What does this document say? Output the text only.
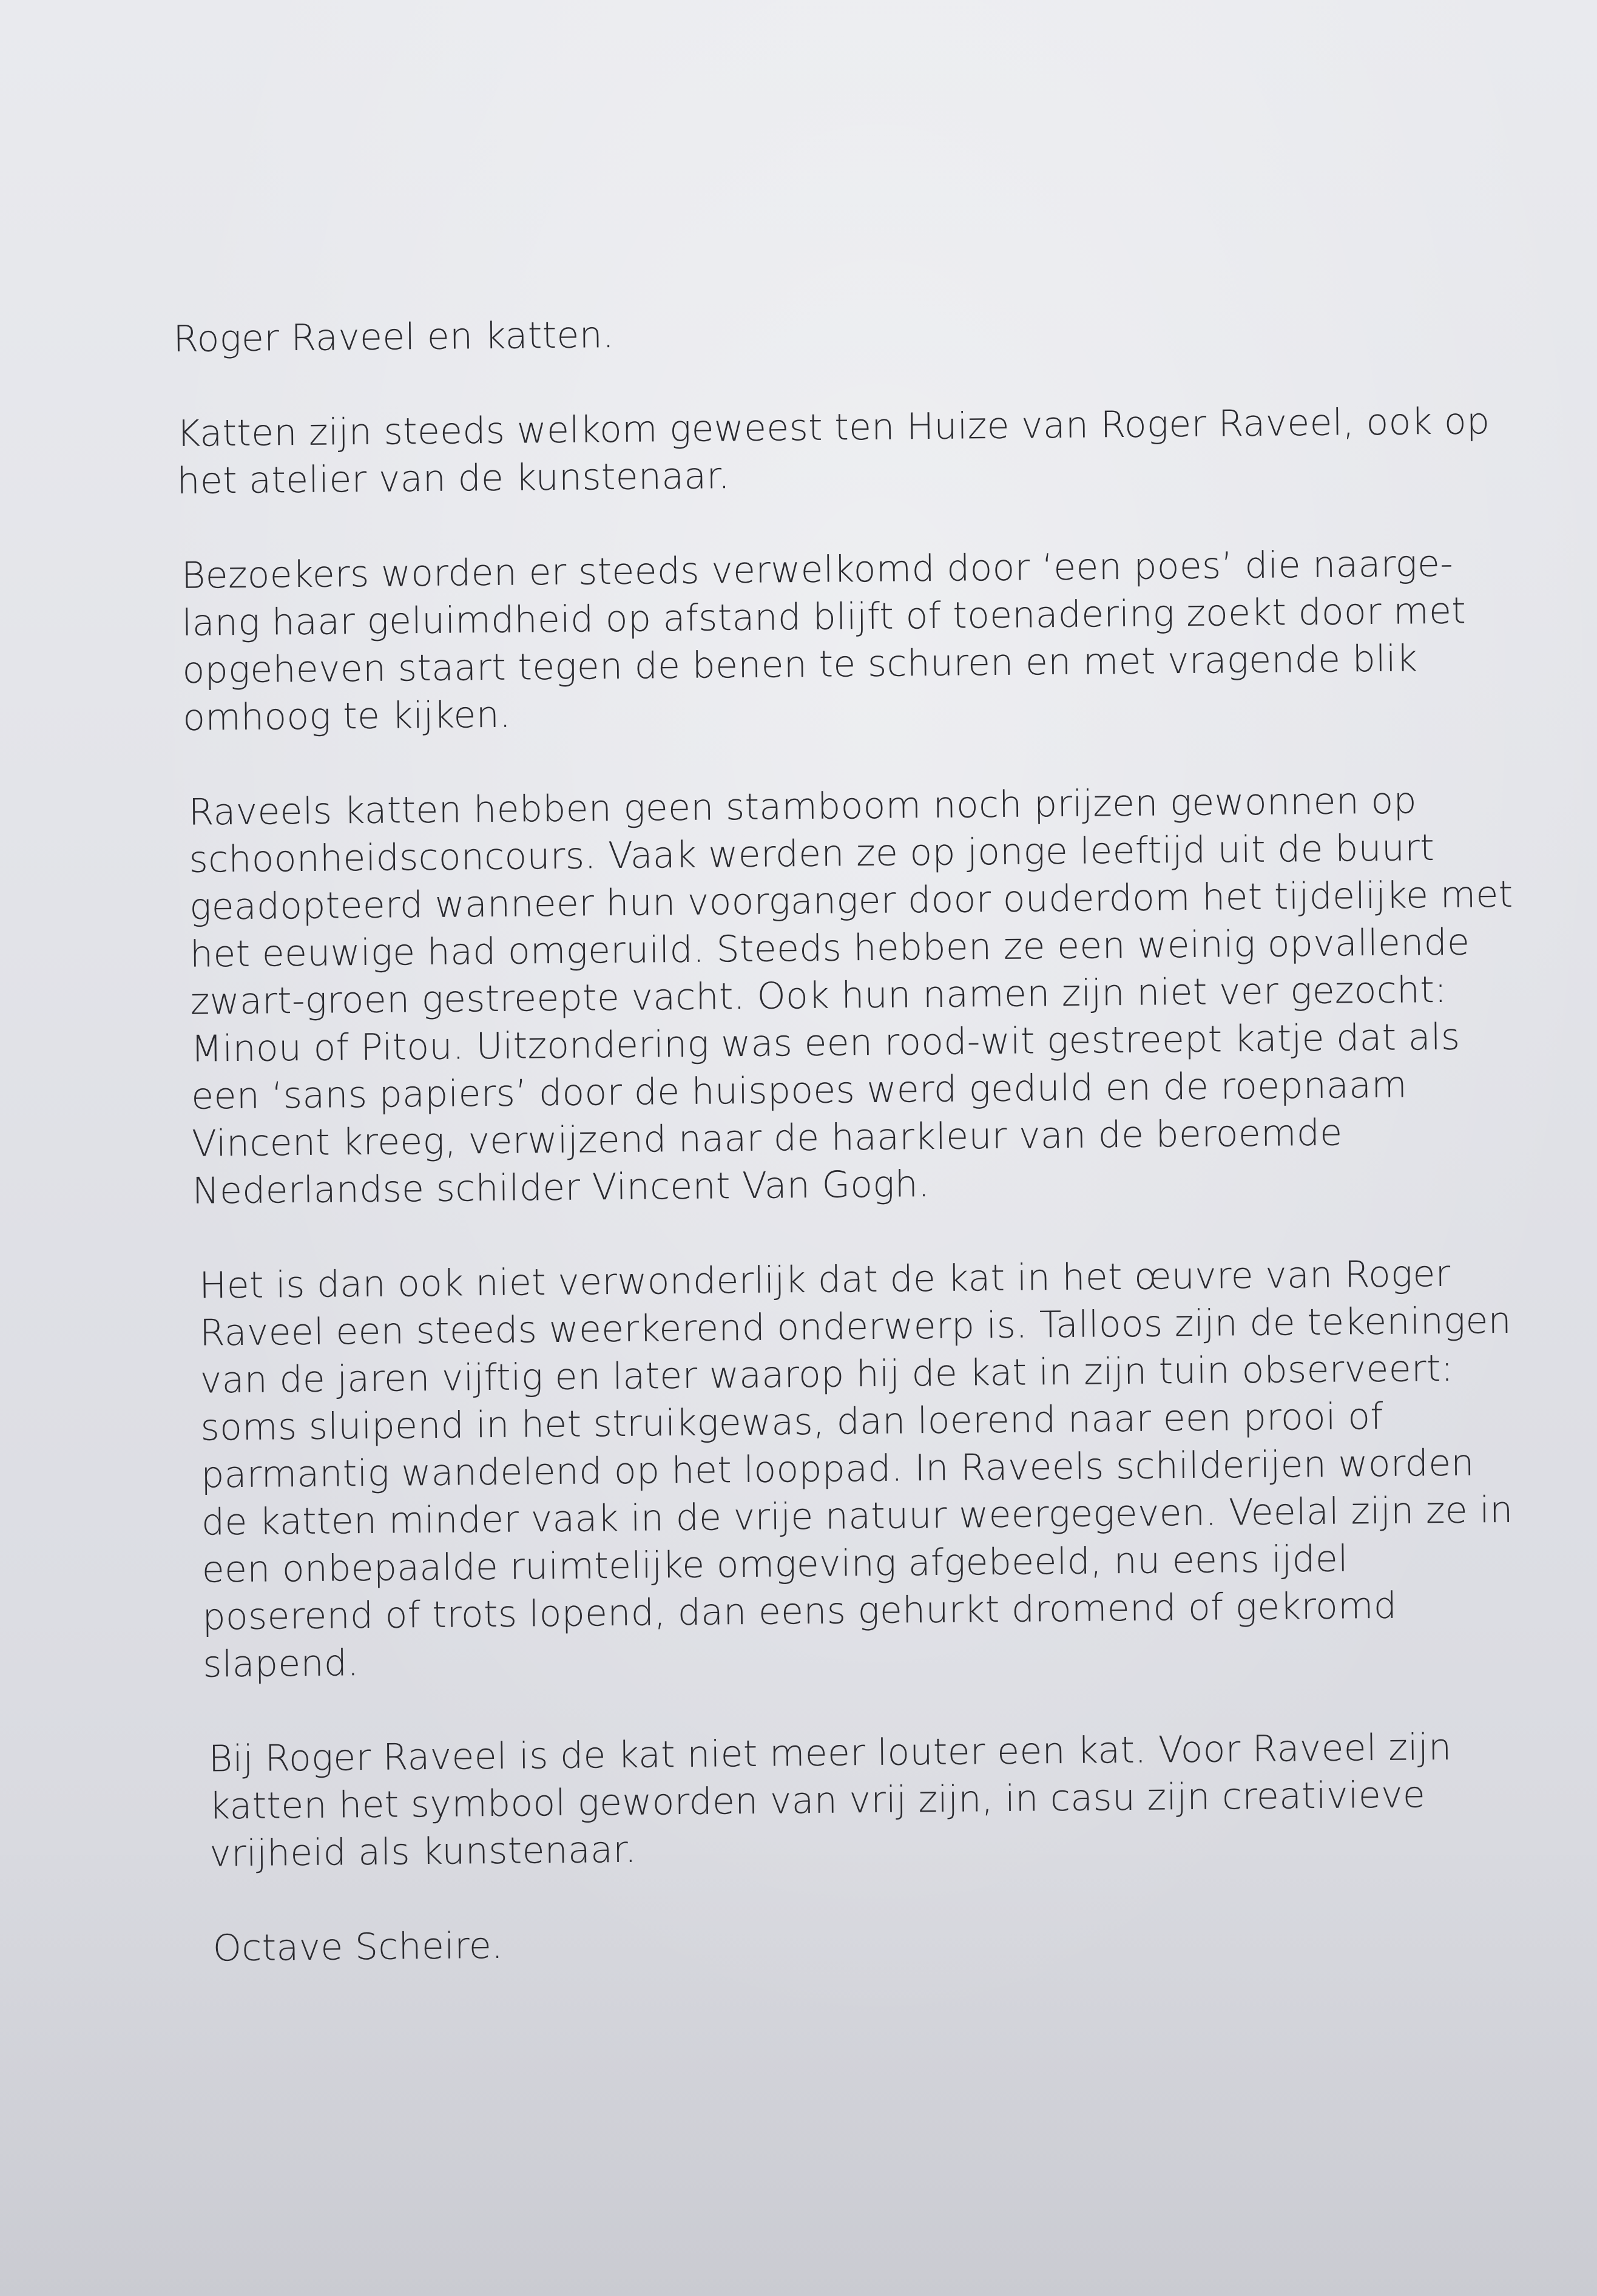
Roger Raveel en katten.
Katten zijn steeds welkom geweest ten Huize van Roger Raveel, ook op
het atelier van de kunstenaar.
Bezoekers worden er steeds verwelkomd door ‘een poes’ die naarge-
lang haar geluimdheid op afstand blijft of toenadering zoekt door met
opgeheven staart tegen de benen te schuren en met vragende blik
omhoog te kijken.
Raveels katten hebben geen stamboom noch prijzen gewonnen op
schoonheidsconcours. Vaak werden ze op jonge leeftijd uit de buurt
geadopteerd wanneer hun voorganger door ouderdom het tijdelijke met
het eeuwige had omgeruild. Steeds hebben ze een weinig opvallende
zwart-groen gestreepte vacht. Ook hun namen zijn niet ver gezocht:
Minou of Pitou. Uitzondering was een rood-wit gestreept katje dat als
een ‘sans papiers’ door de huispoes werd geduld en de roepnaam
Vincent kreeg, verwijzend naar de haarkleur van de beroemde
Nederlandse schilder Vincent Van Gogh.
Het is dan ook niet verwonderlijk dat de kat in het œuvre van Roger
Raveel een steeds weerkerend onderwerp is. Talloos zijn de tekeningen
van de jaren vijftig en later waarop hij de kat in zijn tuin observeert:
soms sluipend in het struikgewas, dan loerend naar een prooi of
parmantig wandelend op het looppad. In Raveels schilderijen worden
de katten minder vaak in de vrije natuur weergegeven. Veelal zijn ze in
een onbepaalde ruimtelijke omgeving afgebeeld, nu eens ijdel
poserend of trots lopend, dan eens gehurkt dromend of gekromd
slapend.
Bij Roger Raveel is de kat niet meer louter een kat. Voor Raveel zijn
katten het symbool geworden van vrij zijn, in casu zijn creativieve
vrijheid als kunstenaar.
Octave Scheire.
